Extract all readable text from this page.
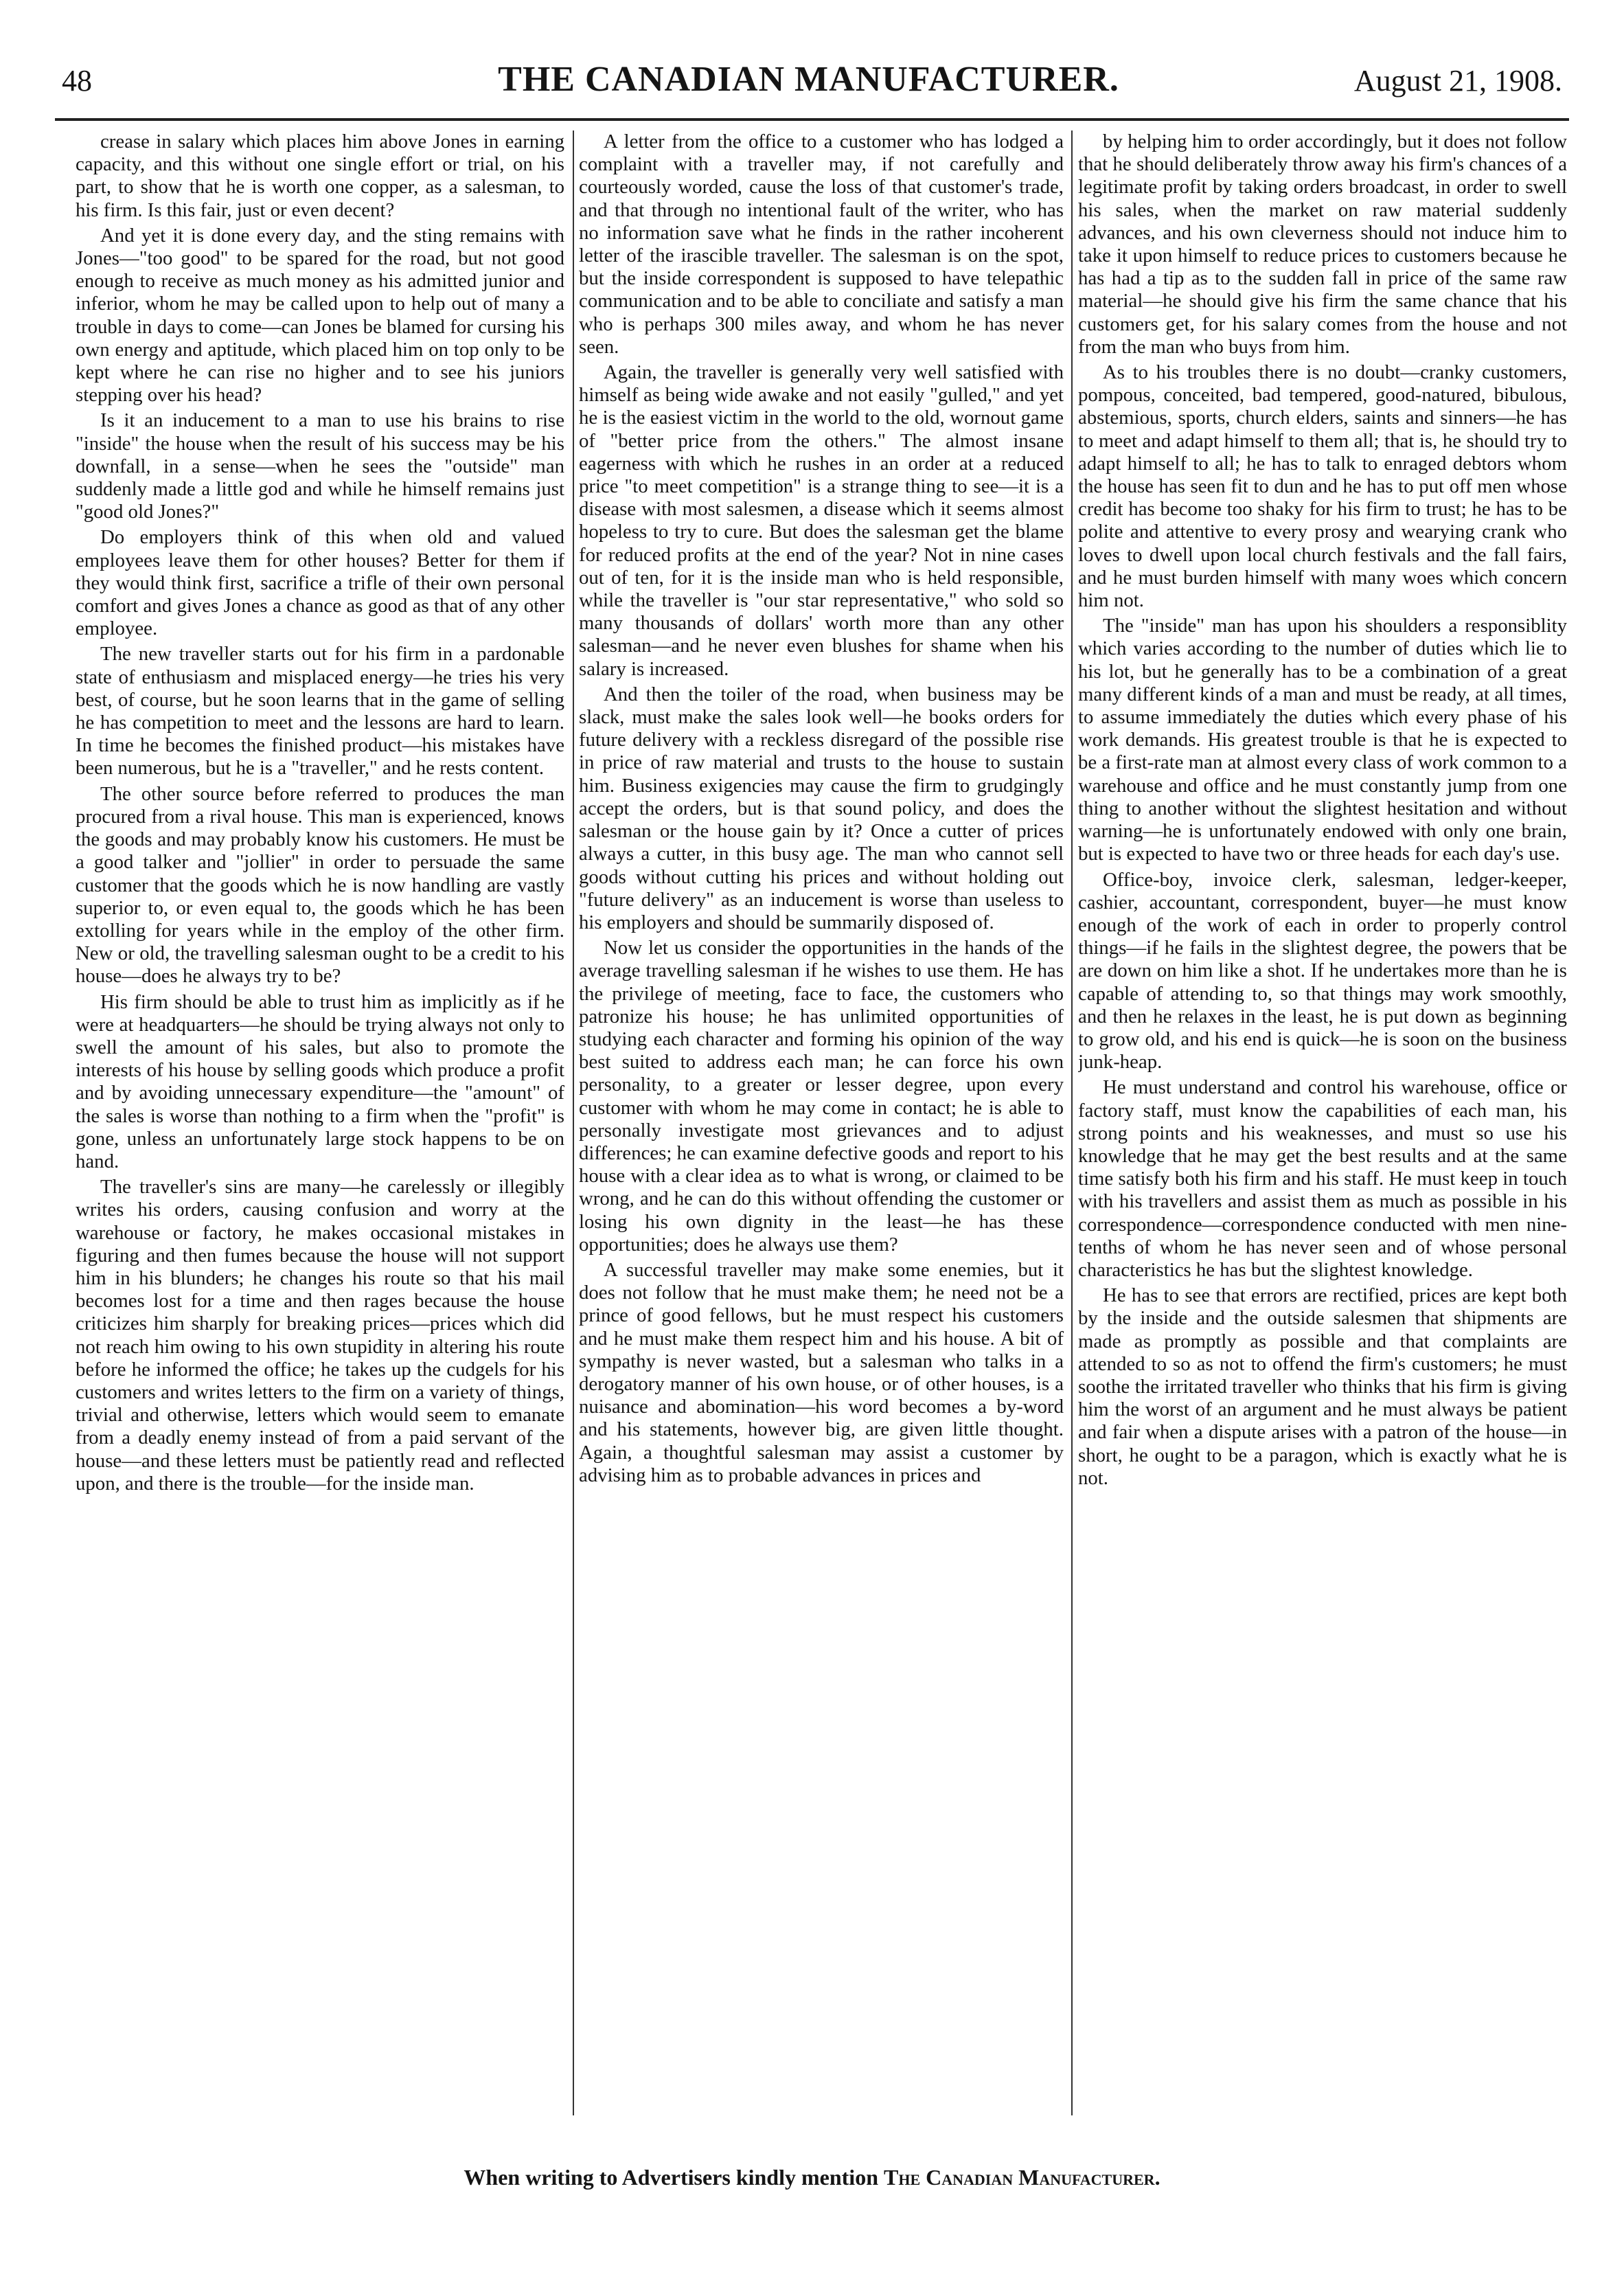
48	THE CANADIAN MANUFACTURER.	August 21, 1908.

crease in salary which places him above Jones in earning capacity, and this without one single effort or trial, on his part, to show that he is worth one copper, as a salesman, to his firm. Is this fair, just or even decent?

And yet it is done every day, and the sting remains with Jones—"too good" to be spared for the road, but not good enough to receive as much money as his admitted junior and inferior, whom he may be called upon to help out of many a trouble in days to come—can Jones be blamed for cursing his own energy and aptitude, which placed him on top only to be kept where he can rise no higher and to see his juniors stepping over his head?

Is it an inducement to a man to use his brains to rise "inside" the house when the result of his success may be his downfall, in a sense—when he sees the "outside" man suddenly made a little god and while he himself remains just "good old Jones?"

Do employers think of this when old and valued employees leave them for other houses? Better for them if they would think first, sacrifice a trifle of their own personal comfort and gives Jones a chance as good as that of any other employee.

The new traveller starts out for his firm in a pardonable state of enthusiasm and misplaced energy—he tries his very best, of course, but he soon learns that in the game of selling he has competition to meet and the lessons are hard to learn. In time he becomes the finished product—his mistakes have been numerous, but he is a "traveller," and he rests content.

The other source before referred to produces the man procured from a rival house. This man is experienced, knows the goods and may probably know his customers. He must be a good talker and "jollier" in order to persuade the same customer that the goods which he is now handling are vastly superior to, or even equal to, the goods which he has been extolling for years while in the employ of the other firm. New or old, the travelling salesman ought to be a credit to his house—does he always try to be?

His firm should be able to trust him as implicitly as if he were at headquarters—he should be trying always not only to swell the amount of his sales, but also to promote the interests of his house by selling goods which produce a profit and by avoiding unnecessary expenditure—the "amount" of the sales is worse than nothing to a firm when the "profit" is gone, unless an unfortunately large stock happens to be on hand.

The traveller's sins are many—he carelessly or illegibly writes his orders, causing confusion and worry at the warehouse or factory, he makes occasional mistakes in figuring and then fumes because the house will not support him in his blunders; he changes his route so that his mail becomes lost for a time and then rages because the house criticizes him sharply for breaking prices—prices which did not reach him owing to his own stupidity in altering his route before he informed the office; he takes up the cudgels for his customers and writes letters to the firm on a variety of things, trivial and otherwise, letters which would seem to emanate from a deadly enemy instead of from a paid servant of the house—and these letters must be patiently read and reflected upon, and there is the trouble—for the inside man.

A letter from the office to a customer who has lodged a complaint with a traveller may, if not carefully and courteously worded, cause the loss of that customer's trade, and that through no intentional fault of the writer, who has no information save what he finds in the rather incoherent letter of the irascible traveller. The salesman is on the spot, but the inside correspondent is supposed to have telepathic communication and to be able to conciliate and satisfy a man who is perhaps 300 miles away, and whom he has never seen.

Again, the traveller is generally very well satisfied with himself as being wide awake and not easily "gulled," and yet he is the easiest victim in the world to the old, wornout game of "better price from the others." The almost insane eagerness with which he rushes in an order at a reduced price "to meet competition" is a strange thing to see—it is a disease with most salesmen, a disease which it seems almost hopeless to try to cure. But does the salesman get the blame for reduced profits at the end of the year? Not in nine cases out of ten, for it is the inside man who is held responsible, while the traveller is "our star representative," who sold so many thousands of dollars' worth more than any other salesman—and he never even blushes for shame when his salary is increased.

And then the toiler of the road, when business may be slack, must make the sales look well—he books orders for future delivery with a reckless disregard of the possible rise in price of raw material and trusts to the house to sustain him. Business exigencies may cause the firm to grudgingly accept the orders, but is that sound policy, and does the salesman or the house gain by it? Once a cutter of prices always a cutter, in this busy age. The man who cannot sell goods without cutting his prices and without holding out "future delivery" as an inducement is worse than useless to his employers and should be summarily disposed of.

Now let us consider the opportunities in the hands of the average travelling salesman if he wishes to use them. He has the privilege of meeting, face to face, the customers who patronize his house; he has unlimited opportunities of studying each character and forming his opinion of the way best suited to address each man; he can force his own personality, to a greater or lesser degree, upon every customer with whom he may come in contact; he is able to personally investigate most grievances and to adjust differences; he can examine defective goods and report to his house with a clear idea as to what is wrong, or claimed to be wrong, and he can do this without offending the customer or losing his own dignity in the least—he has these opportunities; does he always use them?

A successful traveller may make some enemies, but it does not follow that he must make them; he need not be a prince of good fellows, but he must respect his customers and he must make them respect him and his house. A bit of sympathy is never wasted, but a salesman who talks in a derogatory manner of his own house, or of other houses, is a nuisance and abomination—his word becomes a by-word and his statements, however big, are given little thought. Again, a thoughtful salesman may assist a customer by advising him as to probable advances in prices and

by helping him to order accordingly, but it does not follow that he should deliberately throw away his firm's chances of a legitimate profit by taking orders broadcast, in order to swell his sales, when the market on raw material suddenly advances, and his own cleverness should not induce him to take it upon himself to reduce prices to customers because he has had a tip as to the sudden fall in price of the same raw material—he should give his firm the same chance that his customers get, for his salary comes from the house and not from the man who buys from him.

As to his troubles there is no doubt—cranky customers, pompous, conceited, bad tempered, good-natured, bibulous, abstemious, sports, church elders, saints and sinners—he has to meet and adapt himself to them all; that is, he should try to adapt himself to all; he has to talk to enraged debtors whom the house has seen fit to dun and he has to put off men whose credit has become too shaky for his firm to trust; he has to be polite and attentive to every prosy and wearying crank who loves to dwell upon local church festivals and the fall fairs, and he must burden himself with many woes which concern him not.

The "inside" man has upon his shoulders a responsiblity which varies according to the number of duties which lie to his lot, but he generally has to be a combination of a great many different kinds of a man and must be ready, at all times, to assume immediately the duties which every phase of his work demands. His greatest trouble is that he is expected to be a first-rate man at almost every class of work common to a warehouse and office and he must constantly jump from one thing to another without the slightest hesitation and without warning—he is unfortunately endowed with only one brain, but is expected to have two or three heads for each day's use.

Office-boy, invoice clerk, salesman, ledger-keeper, cashier, accountant, correspondent, buyer—he must know enough of the work of each in order to properly control things—if he fails in the slightest degree, the powers that be are down on him like a shot. If he undertakes more than he is capable of attending to, so that things may work smoothly, and then he relaxes in the least, he is put down as beginning to grow old, and his end is quick—he is soon on the business junk-heap.

He must understand and control his warehouse, office or factory staff, must know the capabilities of each man, his strong points and his weaknesses, and must so use his knowledge that he may get the best results and at the same time satisfy both his firm and his staff. He must keep in touch with his travellers and assist them as much as possible in his correspondence—correspondence conducted with men nine-tenths of whom he has never seen and of whose personal characteristics he has but the slightest knowledge.

He has to see that errors are rectified, prices are kept both by the inside and the outside salesmen that shipments are made as promptly as possible and that complaints are attended to so as not to offend the firm's customers; he must soothe the irritated traveller who thinks that his firm is giving him the worst of an argument and he must always be patient and fair when a dispute arises with a patron of the house—in short, he ought to be a paragon, which is exactly what he is not.

When writing to Advertisers kindly mention The Canadian Manufacturer.
